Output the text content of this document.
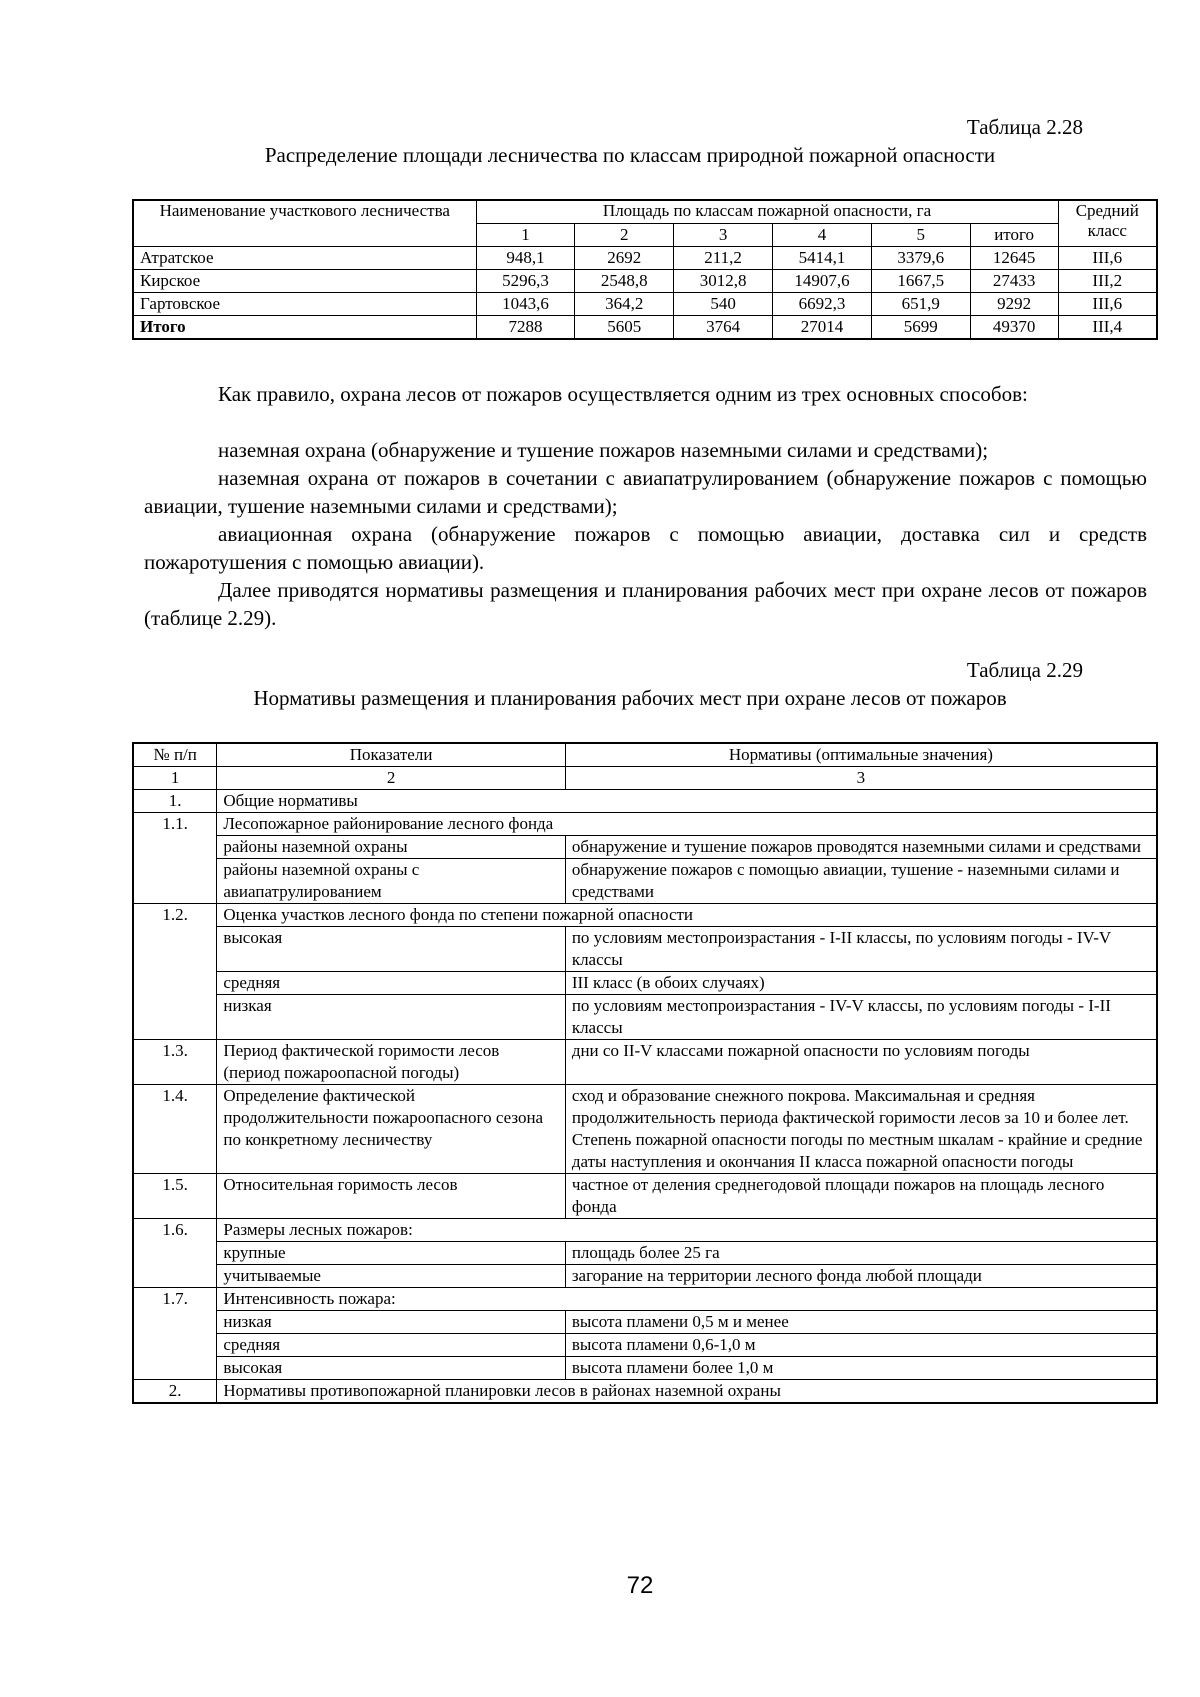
Таблица 2.28
Распределение площади лесничества по классам природной пожарной опасности
Наименование участкового лесничества	Площадь по классам пожарной опасности, га						Средний класс
	1	2	3	4	5	итого	
Атратское	948,1	2692	211,2	5414,1	3379,6	12645	III,6
Кирское	5296,3	2548,8	3012,8	14907,6	1667,5	27433	III,2
Гартовское	1043,6	364,2	540	6692,3	651,9	9292	III,6
Итого	7288	5605	3764	27014	5699	49370	III,4
Как правило, охрана лесов от пожаров осуществляется одним из трех основных способов:
наземная охрана (обнаружение и тушение пожаров наземными силами и средствами);
наземная охрана от пожаров в сочетании с авиапатрулированием (обнаружение пожаров с помощью авиации, тушение наземными силами и средствами);
авиационная охрана (обнаружение пожаров с помощью авиации, доставка сил и средств пожаротушения с помощью авиации).
Далее приводятся нормативы размещения и планирования рабочих мест при охране лесов от пожаров (таблице 2.29).
Таблица 2.29
Нормативы размещения и планирования рабочих мест при охране лесов от пожаров
№ п/п	Показатели	Нормативы (оптимальные значения)
1	2	3
1.	Общие нормативы	
1.1.	Лесопожарное районирование лесного фонда	
	районы наземной охраны	обнаружение и тушение пожаров проводятся наземными силами и средствами
	районы наземной охраны с авиапатрулированием	обнаружение пожаров с помощью авиации, тушение - наземными силами и средствами
1.2.	Оценка участков лесного фонда по степени пожарной опасности	
	высокая	по условиям местопроизрастания - I-II классы, по условиям погоды - IV-V классы
	средняя	III класс (в обоих случаях)
	низкая	по условиям местопроизрастания - IV-V классы, по условиям погоды - I-II классы
1.3.	Период фактической горимости лесов (период пожароопасной погоды)	дни со II-V классами пожарной опасности по условиям погоды
1.4.	Определение фактической продолжительности пожароопасного сезона по конкретному лесничеству	сход и образование снежного покрова. Максимальная и средняя продолжительность периода фактической горимости лесов за 10 и более лет. Степень пожарной опасности погоды по местным шкалам - крайние и средние даты наступления и окончания II класса пожарной опасности погоды
1.5.	Относительная горимость лесов	частное от деления среднегодовой площади пожаров на площадь лесного фонда
1.6.	Размеры лесных пожаров:	
	крупные	площадь более 25 га
	учитываемые	загорание на территории лесного фонда любой площади
1.7.	Интенсивность пожара:	
	низкая	высота пламени 0,5 м и менее
	средняя	высота пламени 0,6-1,0 м
	высокая	высота пламени более 1,0 м
2.	Нормативы противопожарной планировки лесов в районах наземной охраны	
72
